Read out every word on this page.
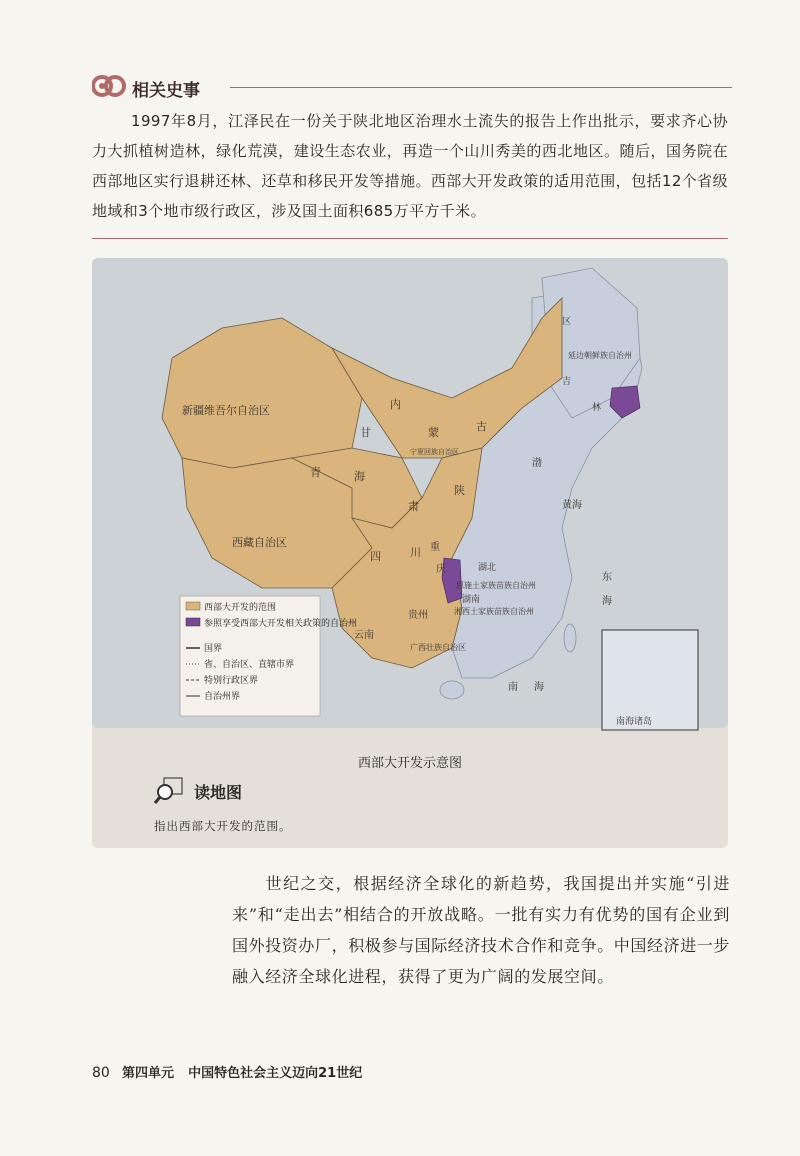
相关史事

1997年8月，江泽民在一份关于陕北地区治理水土流失的报告上作出批示，要求齐心协力大抓植树造林，绿化荒漠，建设生态农业，再造一个山川秀美的西北地区。随后，国务院在西部地区实行退耕还林、还草和移民开发等措施。西部大开发政策的适用范围，包括12个省级地域和3个地市级行政区，涉及国土面积685万平方千米。

新疆维吾尔自治区
西藏自治区
青	海
甘
肃
内
蒙	古
宁夏回族自治区
陕
四	川 重
庆
贵州
云南
广西壮族自治区
延边朝鲜族自治州
吉
林
区
湘西土家族苗族自治州
恩施土家族苗族自治州
湖北
湖南
黄海
渤
东
海
南 海
南海诸岛
西部大开发的范围
参照享受西部大开发相关政策的自治州
国界
省、自治区、直辖市界
特别行政区界
自治州界
西部大开发示意图
读地图
指出西部大开发的范围。

世纪之交，根据经济全球化的新趋势，我国提出并实施“引进来”和“走出去”相结合的开放战略。一批有实力有优势的国有企业到国外投资办厂，积极参与国际经济技术合作和竞争。中国经济进一步融入经济全球化进程，获得了更为广阔的发展空间。

80 第四单元 中国特色社会主义迈向21世纪
